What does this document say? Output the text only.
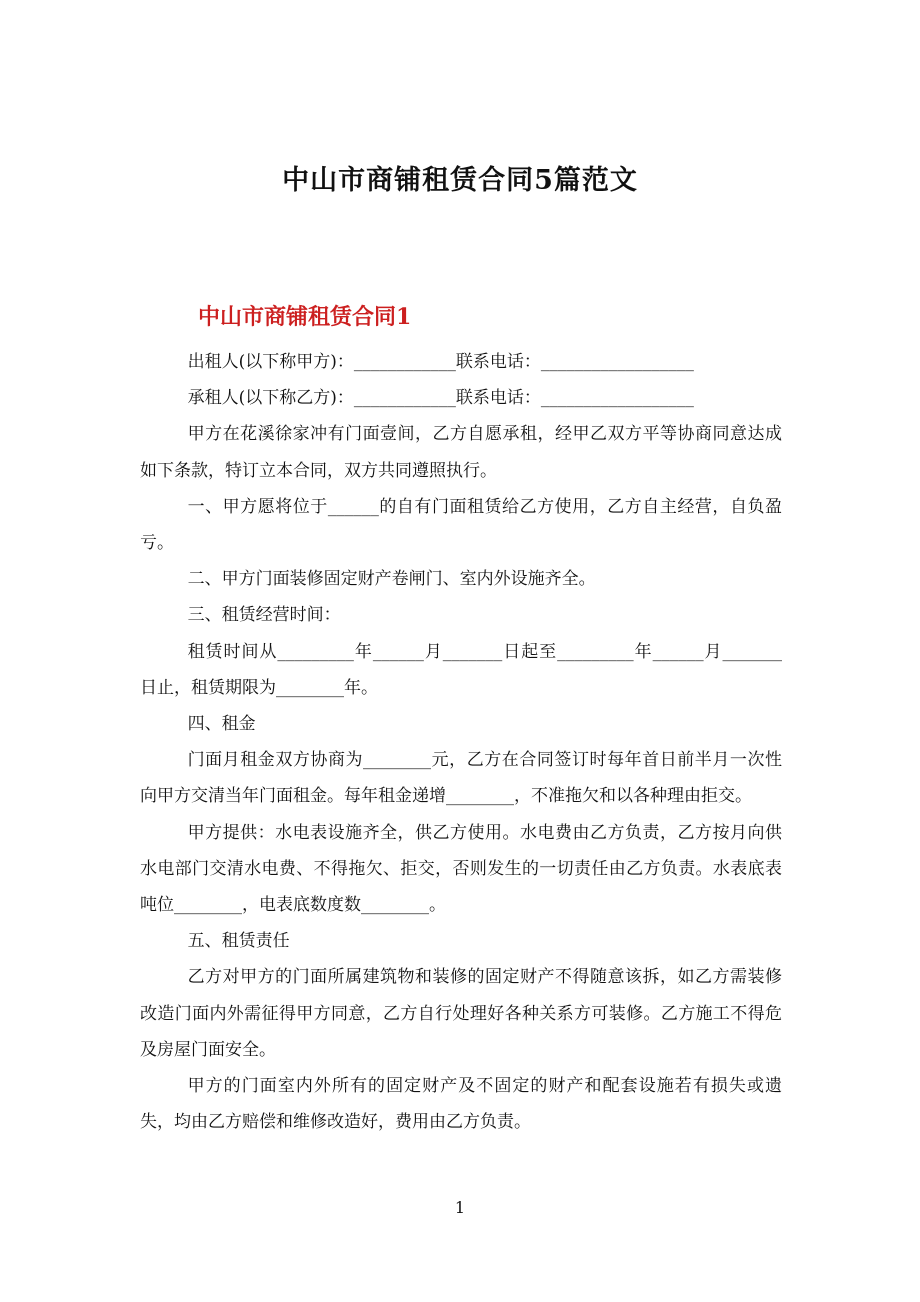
中山市商铺租赁合同5篇范文
中山市商铺租赁合同1

出租人(以下称甲方)：____________联系电话：__________________

承租人(以下称乙方)：____________联系电话：__________________

甲方在花溪徐家冲有门面壹间，乙方自愿承租，经甲乙双方平等协商同意达成如下条款，特订立本合同，双方共同遵照执行。

一、甲方愿将位于______的自有门面租赁给乙方使用，乙方自主经营，自负盈亏。

二、甲方门面装修固定财产卷闸门、室内外设施齐全。

三、租赁经营时间：

租赁时间从_________年______月_______日起至_________年______月_______日止，租赁期限为________年。

四、租金

门面月租金双方协商为________元，乙方在合同签订时每年首日前半月一次性向甲方交清当年门面租金。每年租金递增________，不准拖欠和以各种理由拒交。

甲方提供：水电表设施齐全，供乙方使用。水电费由乙方负责，乙方按月向供水电部门交清水电费、不得拖欠、拒交，否则发生的一切责任由乙方负责。水表底表吨位________，电表底数度数________。

五、租赁责任

乙方对甲方的门面所属建筑物和装修的固定财产不得随意该拆，如乙方需装修改造门面内外需征得甲方同意，乙方自行处理好各种关系方可装修。乙方施工不得危及房屋门面安全。

甲方的门面室内外所有的固定财产及不固定的财产和配套设施若有损失或遗失，均由乙方赔偿和维修改造好，费用由乙方负责。

1
